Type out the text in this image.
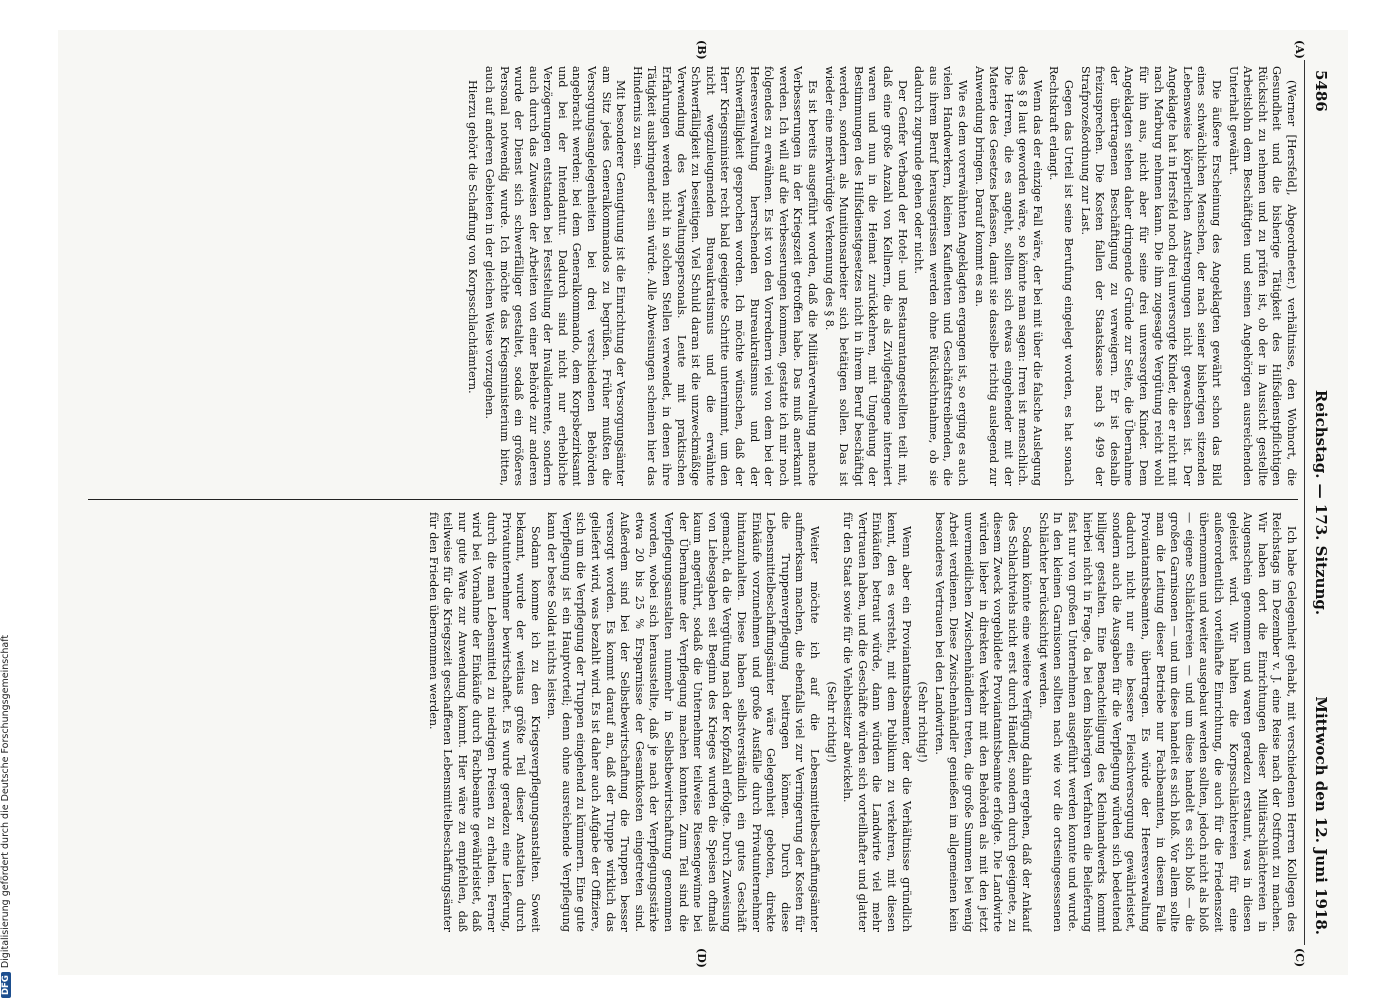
5486
Reichstag. — 173. Sitzung.
Mittwoch den 12. Juni 1918.
(A)
(B)
(C)
(D)

(Werner [Hersfeld], Abgeordneter.) verhältnisse, den Wohnort, die Gesundheit und die bisherige Tätigkeit des Hilfsdienstpflichtigen Rücksicht zu nehmen und zu prüfen ist, ob der in Aussicht gestellte Arbeitslohn dem Beschäftigten und seinen Angehörigen ausreichenden Unterhalt gewährt.

Die äußere Erscheinung des Angeklagten gewährt schon das Bild eines schwächlichen Menschen, der nach seiner bisherigen sitzenden Lebensweise körperlichen Anstrengungen nicht gewachsen ist. Der Angeklagte hat in Hersfeld noch drei unversorgte Kinder, die er nicht mit nach Marburg nehmen kann. Die ihm zugesagte Vergütung reicht wohl für ihn aus, nicht aber für seine drei unversorgten Kinder. Dem Angeklagten stehen daher dringende Gründe zur Seite, die Übernahme der übertragenen Beschäftigung zu verweigern. Er ist deshalb freizusprechen. Die Kosten fallen der Staatskasse nach § 499 der Strafprozeßordnung zur Last.

Gegen das Urteil ist seine Berufung eingelegt worden, es hat sonach Rechtskraft erlangt.

Wenn das der einzige Fall wäre, der bei mit über die falsche Auslegung des § 8 laut geworden wäre, so könnte man sagen: Irren ist menschlich. Die Herren, die es angeht, sollten sich etwas eingehender mit der Materie des Gesetzes befassen, damit sie dasselbe richtig auslegend zur Anwendung bringen. Darauf kommt es an.

Wie es dem vorerwähnten Angeklagten ergangen ist, so erging es auch vielen Handwerkern, kleinen Kaufleuten und Geschäftstreibenden, die aus ihrem Beruf herausgerissen werden ohne Rücksichtnahme, ob sie dadurch zugrunde gehen oder nicht.

Der Genfer Verband der Hotel- und Restaurantangestellten teilt mit, daß eine große Anzahl von Kellnern, die als Zivilgefangene interniert waren und nun in die Heimat zurückkehren, mit Umgehung der Bestimmungen des Hilfsdienstgesetzes nicht in ihrem Beruf beschäftigt werden, sondern als Munitionsarbeiter sich betätigen sollen. Das ist wieder eine merkwürdige Verkennung des § 8.

Es ist bereits ausgeführt worden, daß die Militärverwaltung manche Verbesserungen in der Kriegszeit getroffen habe. Das muß anerkannt werden. Ich will auf die Verbesserungen kommen, gestatte ich mir noch folgendes zu erwähnen. Es ist von den Vorrednern viel von dem bei der Heeresverwaltung herrschenden Bureaukratismus und der Schwerfälligkeit gesprochen worden. Ich möchte wünschen, daß der Herr Kriegsminister recht bald geeignete Schritte unternimmt, um den nicht wegzuleugnenden Bureaukratismus und die erwähnte Schwerfälligkeit zu beseitigen. Viel Schuld daran ist die unzweckmäßige Verwendung des Verwaltungspersonals. Leute mit praktischen Erfahrungen werden nicht in solchen Stellen verwendet, in denen ihre Tätigkeit ausbringender sein würde. Alle Abweisungen scheinen hier das Hindernis zu sein.

Mit besonderer Genugtuung ist die Einrichtung der Versorgungsämter am Sitz jedes Generalkommandos zu begrüßen. Früher mußten die Versorgungsangelegenheiten bei drei verschiedenen Behörden angebracht werden: bei dem Generalkommando, dem Korpsbezirksamt und bei der Intendantur. Dadurch sind nicht nur erhebliche Verzögerungen entstanden bei Feststellung der Invalidenrente, sondern auch durch das Zuweisen der Arbeiten von einer Behörde zur anderen wurde der Dienst sich schwerfälliger gestaltet, sodaß ein größeres Personal notwendig wurde. Ich möchte das Kriegsministerium bitten, auch auf anderen Gebieten in der gleichen Weise vorzugehen.

Hierzu gehört die Schaffung von Korpsschlachtämtern.

Ich habe Gelegenheit gehabt, mit verschiedenen Herren Kollegen des Reichstags im Dezember v. J. eine Reise nach der Ostfront zu machen. Wir haben dort die Einrichtungen dieser Militärschlächtereien in Augenschein genommen und waren geradezu erstaunt, was in diesen geleistet wird. Wir halten die Korpsschlächtereien für eine außerordentlich vorteilhafte Einrichtung, die auch für die Friedenszeit übernommen und weiter ausgebaut werden sollten, jedoch nicht als bloß — eigene Schlächtereien — und um diese handelt es sich bloß — die großen Garnisonen — und um diese handelt es sich bloß. Vor allem sollte man die Leitung dieser Betriebe nur Fachbeamten, in diesem Falle Proviantamtsbeamten, übertragen. Es würde der Heeresverwaltung dadurch nicht nur eine bessere Fleischversorgung gewährleistet, sondern auch die Ausgaben für die Verpflegung würden sich bedeutend billiger gestalten. Eine Benachteiligung des Kleinhandwerks kommt hierbei nicht in Frage, da bei dem bisherigen Verfahren die Belieferung fast nur von großen Unternehmen ausgeführt werden konnte und wurde. In den kleinen Garnisonen sollten nach wie vor die ortseingesessenen Schlächter berücksichtigt werden.

Sodann könnte eine weitere Verfügung dahin ergehen, daß der Ankauf des Schlachtviehs nicht erst durch Händler, sondern durch geeignete, zu diesem Zweck vorgebildete Proviantamtsbeamte erfolgte. Die Landwirte würden lieber in direkten Verkehr mit den Behörden als mit den jetzt unvermeidlichen Zwischenhändlern treten, die große Summen bei wenig Arbeit verdienen. Diese Zwischenhändler genießen im allgemeinen kein besonderes Vertrauen bei den Landwirten.

(Sehr richtig!)

Wenn aber ein Proviantamtsbeamter, der die Verhältnisse gründlich kennt, den es versteht, mit dem Publikum zu verkehren, mit diesen Einkäufen betraut würde, dann würden die Landwirte viel mehr Vertrauen haben, und die Geschäfte würden sich vorteilhafter und glatter für den Staat sowie für die Viehbesitzer abwickeln.

(Sehr richtig!)

Weiter möchte ich auf die Lebensmittelbeschaffungsämter aufmerksam machen, die ebenfalls viel zur Verringerung der Kosten für die Truppenverpflegung beitragen können. Durch diese Lebensmittelbeschaffungsämter wäre Gelegenheit geboten, direkte Einkäufe vorzunehmen und große Ausfälle durch Privatunternehmer hintanzuhalten. Diese haben selbstverständlich ein gutes Geschäft gemacht, da die Vergütung nach der Kopfzahl erfolgte. Durch Zuweisung von Liebesgaben seit Beginn des Krieges wurden die Speisen oftmals kaum angerührt, sodaß die Unternehmer teilweise Riesengewinne bei der Übernahme der Verpflegung machen konnten. Zum Teil sind die Verpflegungsanstalten nunmehr in Selbstbewirtschaftung genommen worden, wobei sich herausstellte, daß je nach der Verpflegungsstärke etwa 20 bis 25 % Ersparnisse der Gesamtkosten eingetreten sind. Außerdem sind bei der Selbstbewirtschaftung die Truppen besser versorgt worden. Es kommt darauf an, daß der Truppe wirklich das geliefert wird, was bezahlt wird. Es ist daher auch Aufgabe der Offiziere, sich um die Verpflegung der Truppen eingehend zu kümmern. Eine gute Verpflegung ist ein Hauptvorteil; denn ohne ausreichende Verpflegung kann der beste Soldat nichts leisten.

Sodann komme ich zu den Kriegsverpflegungsanstalten. Soweit bekannt, wurde der weitaus größte Teil dieser Anstalten durch Privatunternehmer bewirtschaftet. Es wurde geradezu eine Lieferung, durch die man Lebensmittel zu niedrigen Preisen zu erhalten. Ferner wird bei Vornahme der Einkäufe durch Fachbeamte gewährleistet, daß nur gute Ware zur Anwendung kommt. Hier wäre zu empfehlen, daß teilweise für die Kriegszeit geschaffenen Lebensmittelbeschaffungsämter für den Frieden übernommen werden.

DFGDigitalisierung gefördert durch die Deutsche Forschungsgemeinschaft
